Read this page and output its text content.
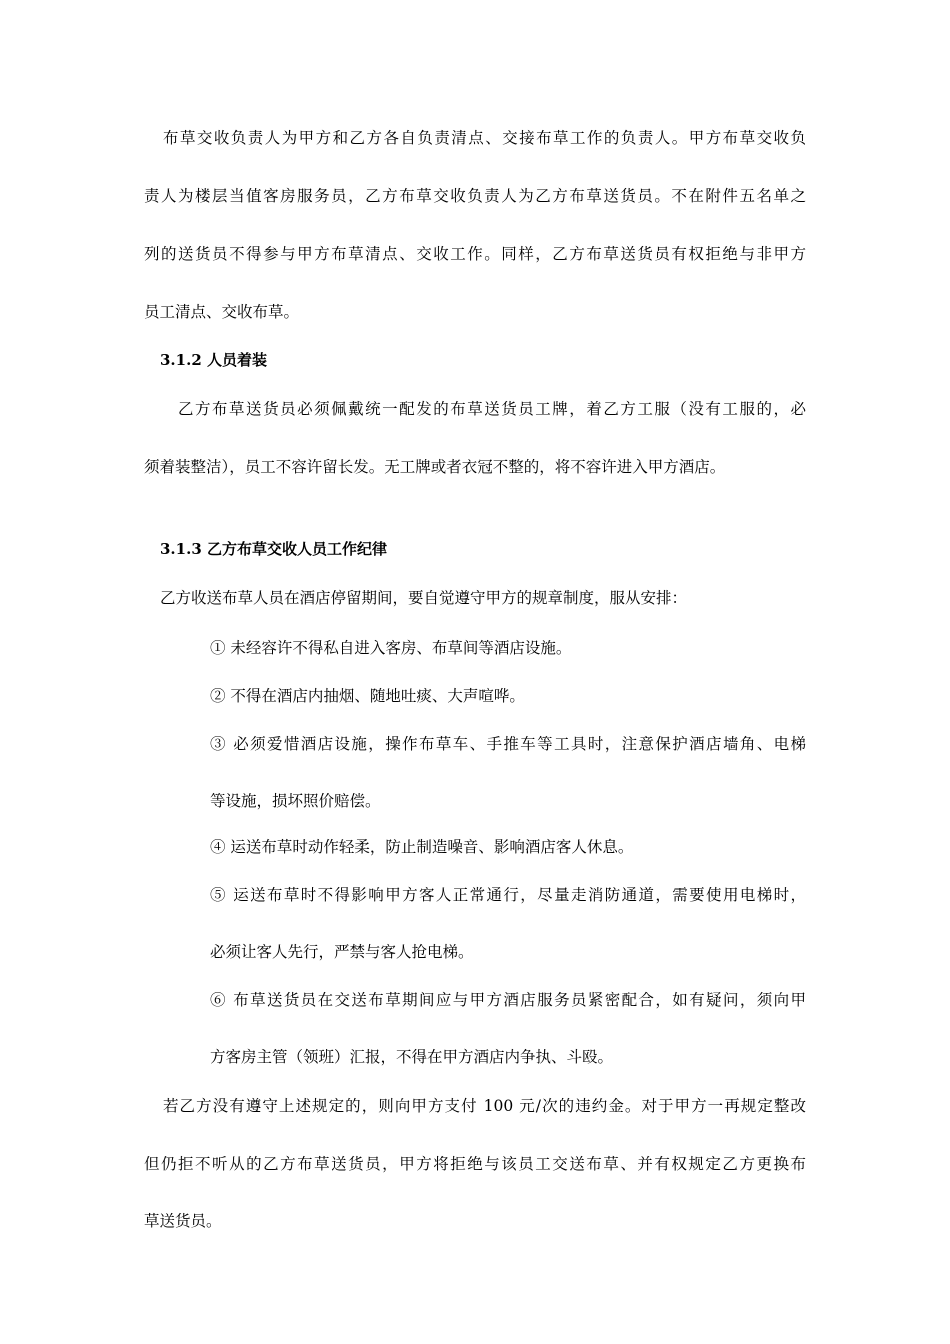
布草交收负责人为甲方和乙方各自负责清点、交接布草工作的负责人。甲方布草交收负
责人为楼层当值客房服务员，乙方布草交收负责人为乙方布草送货员。不在附件五名单之
列的送货员不得参与甲方布草清点、交收工作。同样，乙方布草送货员有权拒绝与非甲方
员工清点、交收布草。
3.1.2 人员着装
乙方布草送货员必须佩戴统一配发的布草送货员工牌，着乙方工服（没有工服的，必
须着装整洁），员工不容许留长发。无工牌或者衣冠不整的，将不容许进入甲方酒店。
3.1.3 乙方布草交收人员工作纪律
乙方收送布草人员在酒店停留期间，要自觉遵守甲方的规章制度，服从安排：
① 未经容许不得私自进入客房、布草间等酒店设施。
② 不得在酒店内抽烟、随地吐痰、大声喧哗。
③ 必须爱惜酒店设施，操作布草车、手推车等工具时，注意保护酒店墙角、电梯
等设施，损坏照价赔偿。
④ 运送布草时动作轻柔，防止制造噪音、影响酒店客人休息。
⑤ 运送布草时不得影响甲方客人正常通行，尽量走消防通道，需要使用电梯时，
必须让客人先行，严禁与客人抢电梯。
⑥ 布草送货员在交送布草期间应与甲方酒店服务员紧密配合，如有疑问，须向甲
方客房主管（领班）汇报，不得在甲方酒店内争执、斗殴。
若乙方没有遵守上述规定的，则向甲方支付 100 元/次的违约金。对于甲方一再规定整改
但仍拒不听从的乙方布草送货员，甲方将拒绝与该员工交送布草、并有权规定乙方更换布
草送货员。
